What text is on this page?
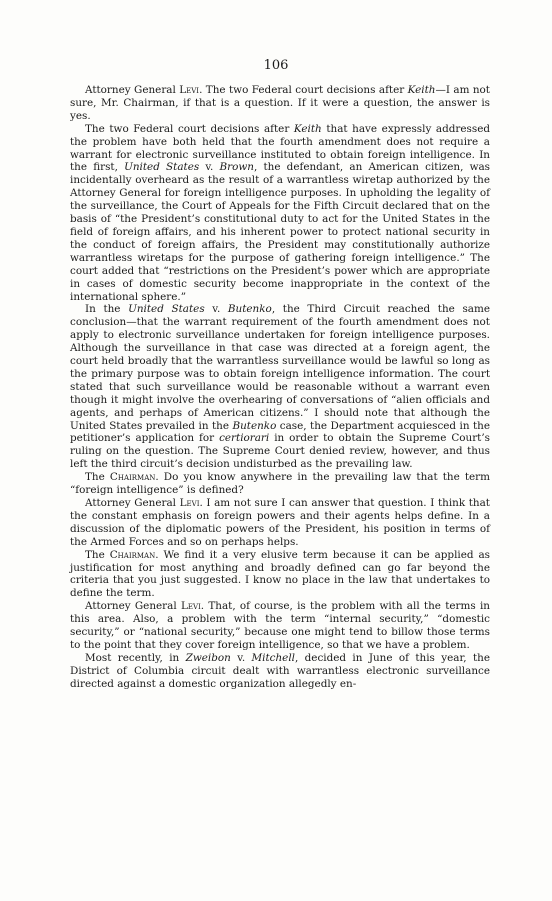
106

Attorney General Levi. The two Federal court decisions after Keith—I am not sure, Mr. Chairman, if that is a question. If it were a question, the answer is yes.

The two Federal court decisions after Keith that have expressly addressed the problem have both held that the fourth amendment does not require a warrant for electronic surveillance instituted to obtain foreign intelligence. In the first, United States v. Brown, the defendant, an American citizen, was incidentally overheard as the result of a warrantless wiretap authorized by the Attorney General for foreign intelligence purposes. In upholding the legality of the surveillance, the Court of Appeals for the Fifth Circuit declared that on the basis of “the President’s constitutional duty to act for the United States in the field of foreign affairs, and his inherent power to protect national security in the conduct of foreign affairs, the President may constitutionally authorize warrantless wiretaps for the purpose of gathering foreign intelligence.” The court added that “restrictions on the President’s power which are appropriate in cases of domestic security become inappropriate in the context of the international sphere.”

In the United States v. Butenko, the Third Circuit reached the same conclusion—that the warrant requirement of the fourth amendment does not apply to electronic surveillance undertaken for foreign intelligence purposes. Although the surveillance in that case was directed at a foreign agent, the court held broadly that the warrantless surveillance would be lawful so long as the primary purpose was to obtain foreign intelligence information. The court stated that such surveillance would be reasonable without a warrant even though it might involve the overhearing of conversations of “alien officials and agents, and perhaps of American citizens.” I should note that although the United States prevailed in the Butenko case, the Department acquiesced in the petitioner’s application for certiorari in order to obtain the Supreme Court’s ruling on the question. The Supreme Court denied review, however, and thus left the third circuit’s decision undisturbed as the prevailing law.

The Chairman. Do you know anywhere in the prevailing law that the term “foreign intelligence” is defined?

Attorney General Levi. I am not sure I can answer that question. I think that the constant emphasis on foreign powers and their agents helps define. In a discussion of the diplomatic powers of the President, his position in terms of the Armed Forces and so on perhaps helps.

The Chairman. We find it a very elusive term because it can be applied as justification for most anything and broadly defined can go far beyond the criteria that you just suggested. I know no place in the law that undertakes to define the term.

Attorney General Levi. That, of course, is the problem with all the terms in this area. Also, a problem with the term “internal security,” “domestic security,” or “national security,” because one might tend to billow those terms to the point that they cover foreign intelligence, so that we have a problem.

Most recently, in Zweibon v. Mitchell, decided in June of this year, the District of Columbia circuit dealt with warrantless electronic surveillance directed against a domestic organization allegedly en-
